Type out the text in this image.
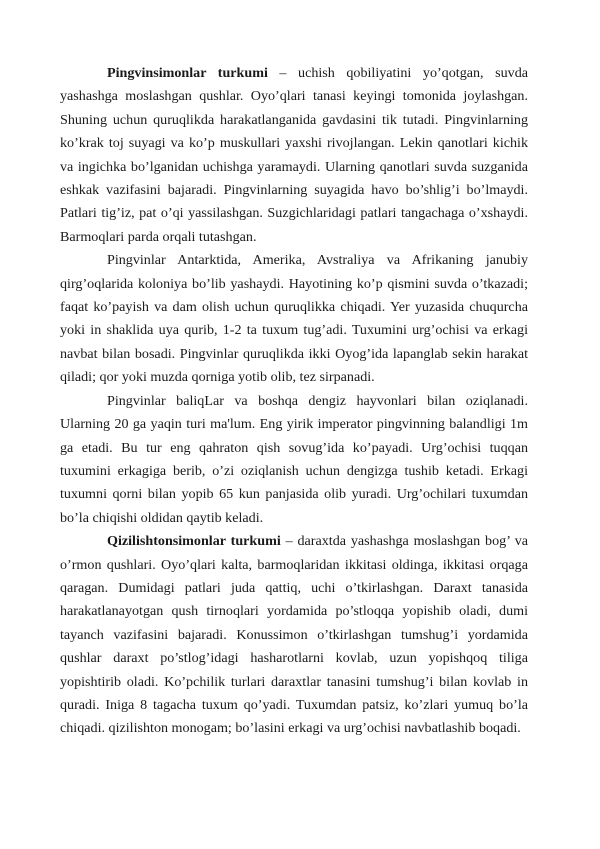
Pingvinsimonlar turkumi – uchish qobiliyatini yo’qotgan, suvda yashashga moslashgan qushlar. Oyo’qlari tanasi keyingi tomonida joylashgan. Shuning uchun quruqlikda harakatlanganida gavdasini tik tutadi. Pingvinlarning ko’krak toj suyagi va ko’p muskullari yaxshi rivojlangan. Lekin qanotlari kichik va ingichka bo’lganidan uchishga yaramaydi. Ularning qanotlari suvda suzganida eshkak vazifasini bajaradi. Pingvinlarning suyagida havo bo’shlig’i bo’lmaydi. Patlari tig’iz, pat o’qi yassilashgan. Suzgichlaridagi patlari tangachaga o’xshaydi. Barmoqlari parda orqali tutashgan.

Pingvinlar Antarktida, Amerika, Avstraliya va Afrikaning janubiy qirg’oqlarida koloniya bo’lib yashaydi. Hayotining ko’p qismini suvda o’tkazadi; faqat ko’payish va dam olish uchun quruqlikka chiqadi. Yer yuzasida chuqurcha yoki in shaklida uya qurib, 1-2 ta tuxum tug’adi. Tuxumini urg’ochisi va erkagi navbat bilan bosadi. Pingvinlar quruqlikda ikki Oyog’ida lapanglab sekin harakat qiladi; qor yoki muzda qorniga yotib olib, tez sirpanadi.

Pingvinlar baliqLar va boshqa dengiz hayvonlari bilan oziqlanadi. Ularning 20 ga yaqin turi ma'lum. Eng yirik imperator pingvinning balandligi 1m ga etadi. Bu tur eng qahraton qish sovug’ida ko’payadi. Urg’ochisi tuqqan tuxumini erkagiga berib, o’zi oziqlanish uchun dengizga tushib ketadi. Erkagi tuxumni qorni bilan yopib 65 kun panjasida olib yuradi. Urg’ochilari tuxumdan bo’la chiqishi oldidan qaytib keladi.

Qizilishtonsimonlar turkumi – daraxtda yashashga moslashgan bog’ va o’rmon qushlari. Oyo’qlari kalta, barmoqlaridan ikkitasi oldinga, ikkitasi orqaga qaragan. Dumidagi patlari juda qattiq, uchi o’tkirlashgan. Daraxt tanasida harakatlanayotgan qush tirnoqlari yordamida po’stloqqa yopishib oladi, dumi tayanch vazifasini bajaradi. Konussimon o’tkirlashgan tumshug’i yordamida qushlar daraxt po’stlog’idagi hasharotlarni kovlab, uzun yopishqoq tiliga yopishtirib oladi. Ko’pchilik turlari daraxtlar tanasini tumshug’i bilan kovlab in quradi. Iniga 8 tagacha tuxum qo’yadi. Tuxumdan patsiz, ko’zlari yumuq bo’la chiqadi. qizilishton monogam; bo’lasini erkagi va urg’ochisi navbatlashib boqadi.
